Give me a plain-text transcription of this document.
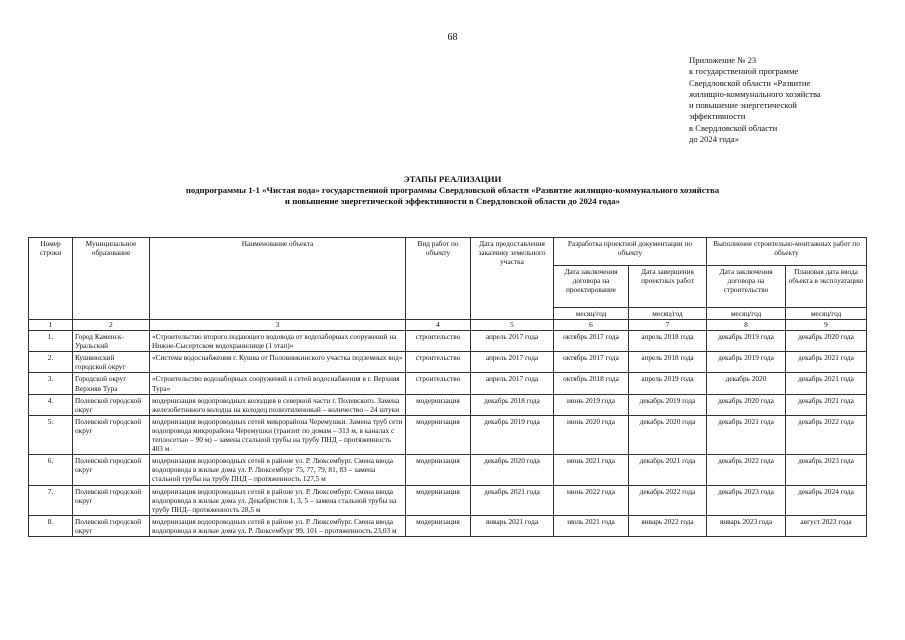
68
Приложение № 23
к государственной программе
Свердловской области «Развитие
жилищно-коммунального хозяйства
и повышение энергетической
эффективности
в Свердловской области
до 2024 года»
ЭТАПЫ РЕАЛИЗАЦИИ
подпрограммы 1-1 «Чистая вода» государственной программы Свердловской области «Развитие жилищно-коммунального хозяйства
и повышение энергетической эффективности в Свердловской области до 2024 года»
Номер строки	Муниципальное образование	Наименование объекта	Вид работ по объекту	Дата предоставления заказчику земельного участка	Разработка проектной документации по объекту		Выполнение строительно-монтажных работ по объекту	
					Дата заключения договора на проектирование	Дата завершения проектных работ	Дата заключения договора на строительство	Плановая дата ввода объекта в эксплуатацию
					месяц/год	месяц/год	месяц/год	месяц/год
1	2	3	4	5	6	7	8	9
1.	Город Каменск-Уральский	«Строительство второго подающего водовода от водозаборных сооружений на Нижне-Сысертском водохранилище (1 этап)»	строительство	апрель 2017 года	октябрь 2017 года	апрель 2018 года	декабрь 2019 года	декабрь 2020 года
2.	Кушвинский городской округ	«Система водоснабжения г. Кушва от Половинкинского участка подземных вод»	строительство	апрель 2017 года	октябрь 2017 года	апрель 2018 года	декабрь 2019 года	декабрь 2021 года
3.	Городской округ Верхняя Тура	«Строительство водозаборных сооружений и сетей водоснабжения в г. Верхняя Тура»	строительство	апрель 2017 года	октябрь 2018 года	апрель 2019 года	декабрь 2020	декабрь 2021 года
4.	Полевской городской округ	модернизация водопроводных колодцев в северной части г. Полевского. Замена железобетонного колодца на колодец полиэтиленовый – количество – 24 штуки	модернизация	декабрь 2018 года	июнь 2019 года	декабрь 2019 года	декабрь 2020 года	декабрь 2021 года
5.	Полевской городской округ	модернизация водопроводных сетей микрорайона Черемушки. Замена труб сети водопровода микрорайона Черемушки (транзит по домам – 313 м, в каналах с теплосетью – 90 м) – замена стальной трубы на трубу ПНД – протяженность 403 м	модернизация	декабрь 2019 года	июнь 2020 года	декабрь 2020 года	декабрь 2021 года	декабрь 2022 года
6.	Полевской городской округ	модернизация водопроводных сетей в районе ул. Р. Люксембург. Смена ввода водопровода в жилые дома ул. Р. Люксембург 75, 77, 79, 81, 83 – замена стальной трубы на трубу ПНД – протяженность 127,5 м	модернизация	декабрь 2020 года	июнь 2021 года	декабрь 2021 года	декабрь 2022 года	декабрь 2023 года
7.	Полевской городской округ	модернизация водопроводных сетей в районе ул. Р. Люксембург. Смена ввода водопровода в жилые дома ул. Декабристов 1, 3, 5 – замена стальной трубы на трубу ПНД– протяженность 28,5 м	модернизация	декабрь 2021 года	июнь 2022 года	декабрь 2022 года	декабрь 2023 года	декабрь 2024 года
8.	Полевской городской округ	модернизация водопроводных сетей в районе ул. Р. Люксембург. Смена ввода водопровода в жилые дома ул. Р. Люксембург 99, 101 – протяженность 23,03 м	модернизация	январь 2021 года	июль 2021 года	январь 2022 года	январь 2023 года	август 2023 года
